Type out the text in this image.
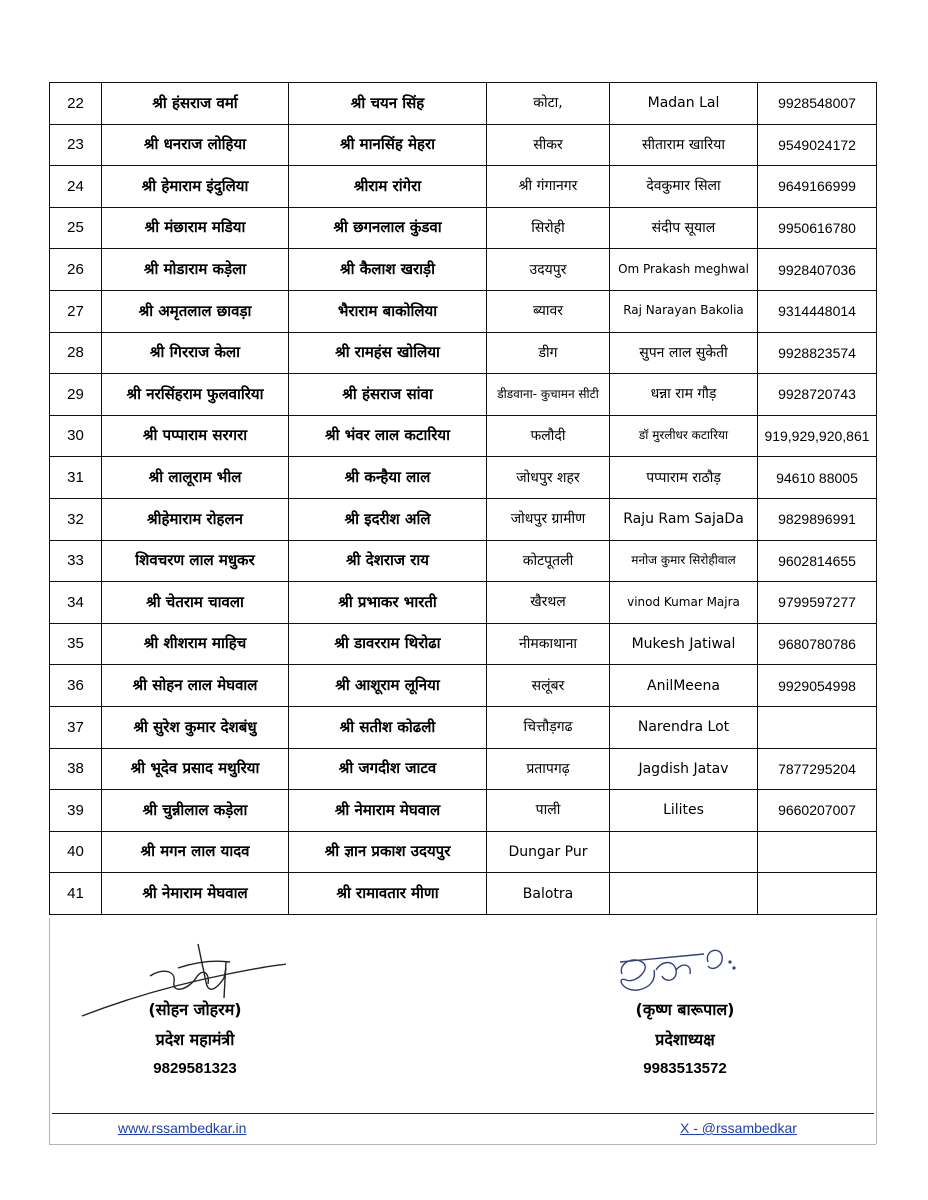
22	श्री हंसराज वर्मा	श्री चयन सिंह	कोटा,	Madan Lal	9928548007
23	श्री धनराज लोहिया	श्री मानसिंह मेहरा	सीकर	सीताराम खारिया	9549024172
24	श्री हेमाराम इंदुलिया	श्रीराम रांगेरा	श्री गंगानगर	देवकुमार सिला	9649166999
25	श्री मंछाराम मडिया	श्री छगनलाल कुंडवा	सिरोही	संदीप सूयाल	9950616780
26	श्री मोडाराम कड़ेला	श्री कैलाश खराड़ी	उदयपुर	Om Prakash meghwal	9928407036
27	श्री अमृतलाल छावड़ा	भैराराम बाकोलिया	ब्यावर	Raj Narayan Bakolia	9314448014
28	श्री गिरराज केला	श्री रामहंस खोलिया	डीग	सुपन लाल सुकेती	9928823574
29	श्री नरसिंहराम फुलवारिया	श्री हंसराज सांवा	डीडवाना- कुचामन सीटी	धन्ना राम गौड़	9928720743
30	श्री पप्पाराम सरगरा	श्री भंवर लाल कटारिया	फलौदी	डॉ मुरलीधर कटारिया	919,929,920,861
31	श्री लालूराम भील	श्री कन्हैया लाल	जोधपुर शहर	पप्पाराम राठौड़	94610 88005
32	श्रीहेमाराम रोहलन	श्री इदरीश अलि	जोधपुर ग्रामीण	Raju Ram SajaDa	9829896991
33	शिवचरण लाल मधुकर	श्री देशराज राय	कोटपूतली	मनोज कुमार सिरोहीवाल	9602814655
34	श्री चेतराम चावला	श्री प्रभाकर भारती	खैरथल	vinod Kumar Majra	9799597277
35	श्री शीशराम माहिच	श्री डावरराम थिरोढा	नीमकाथाना	Mukesh Jatiwal	9680780786
36	श्री सोहन लाल मेघवाल	श्री आशूराम लूनिया	सलूंबर	AnilMeena	9929054998
37	श्री सुरेश कुमार देशबंधु	श्री सतीश कोढली	चित्तौड़गढ	Narendra Lot	
38	श्री भूदेव प्रसाद मथुरिया	श्री जगदीश जाटव	प्रतापगढ़	Jagdish Jatav	7877295204
39	श्री चुन्नीलाल कड़ेला	श्री नेमाराम मेघवाल	पाली	Lilites	9660207007
40	श्री मगन लाल यादव	श्री ज्ञान प्रकाश उदयपुर	Dungar Pur		
41	श्री नेमाराम मेघवाल	श्री रामावतार मीणा	Balotra		
(सोहन जोहरम)
प्रदेश महामंत्री
9829581323
(कृष्ण बारूपाल)
प्रदेशाध्यक्ष
9983513572
www.rssambedkar.in	X - @rssambedkar
